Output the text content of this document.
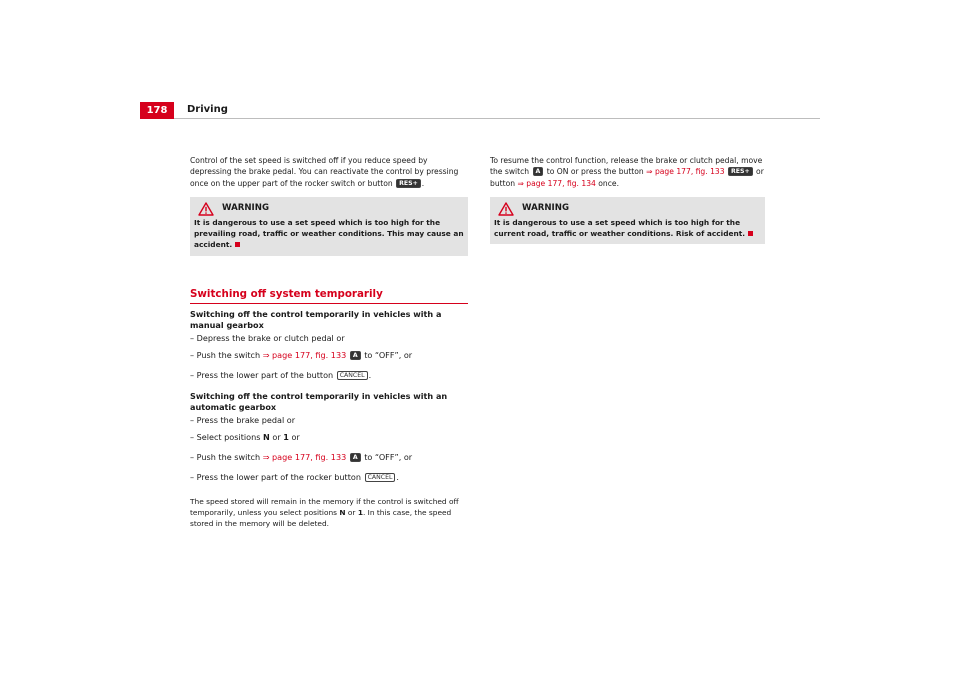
178	Driving

Control of the set speed is switched off if you reduce speed by depressing the brake pedal. You can reactivate the control by pressing once on the upper part of the rocker switch or button RES+ .

WARNING
It is dangerous to use a set speed which is too high for the prevailing road, traffic or weather conditions. This may cause an accident.
Switching off system temporarily
Switching off the control temporarily in vehicles with a manual gearbox
– Depress the brake or clutch pedal or
– Push the switch ⇒ page 177, fig. 133 A to “OFF”, or
– Press the lower part of the button CANCEL .
Switching off the control temporarily in vehicles with an automatic gearbox
– Press the brake pedal or
– Select positions N or 1 or
– Push the switch ⇒ page 177, fig. 133 A to “OFF”, or
– Press the lower part of the rocker button CANCEL .

The speed stored will remain in the memory if the control is switched off temporarily, unless you select positions N or 1. In this case, the speed stored in the memory will be deleted.

To resume the control function, release the brake or clutch pedal, move the switch A to ON or press the button ⇒ page 177, fig. 133 RES+ or button ⇒ page 177, fig. 134 once.

WARNING
It is dangerous to use a set speed which is too high for the current road, traffic or weather conditions. Risk of accident.
